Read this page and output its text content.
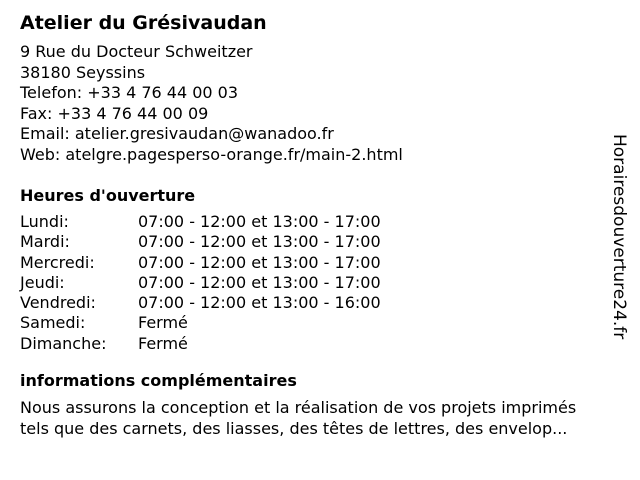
Atelier du Grésivaudan
9 Rue du Docteur Schweitzer
38180 Seyssins
Telefon: +33 4 76 44 00 03
Fax: +33 4 76 44 00 09
Email: atelier.gresivaudan@wanadoo.fr
Web: atelgre.pagesperso-orange.fr/main-2.html
Heures d'ouverture
Lundi:	07:00 - 12:00 et 13:00 - 17:00
Mardi:	07:00 - 12:00 et 13:00 - 17:00
Mercredi:	07:00 - 12:00 et 13:00 - 17:00
Jeudi:	07:00 - 12:00 et 13:00 - 17:00
Vendredi:	07:00 - 12:00 et 13:00 - 16:00
Samedi:	Fermé
Dimanche:	Fermé
informations complémentaires
Nous assurons la conception et la réalisation de vos projets imprimés
tels que des carnets, des liasses, des têtes de lettres, des envelop...
Horairesdouverture24.fr
